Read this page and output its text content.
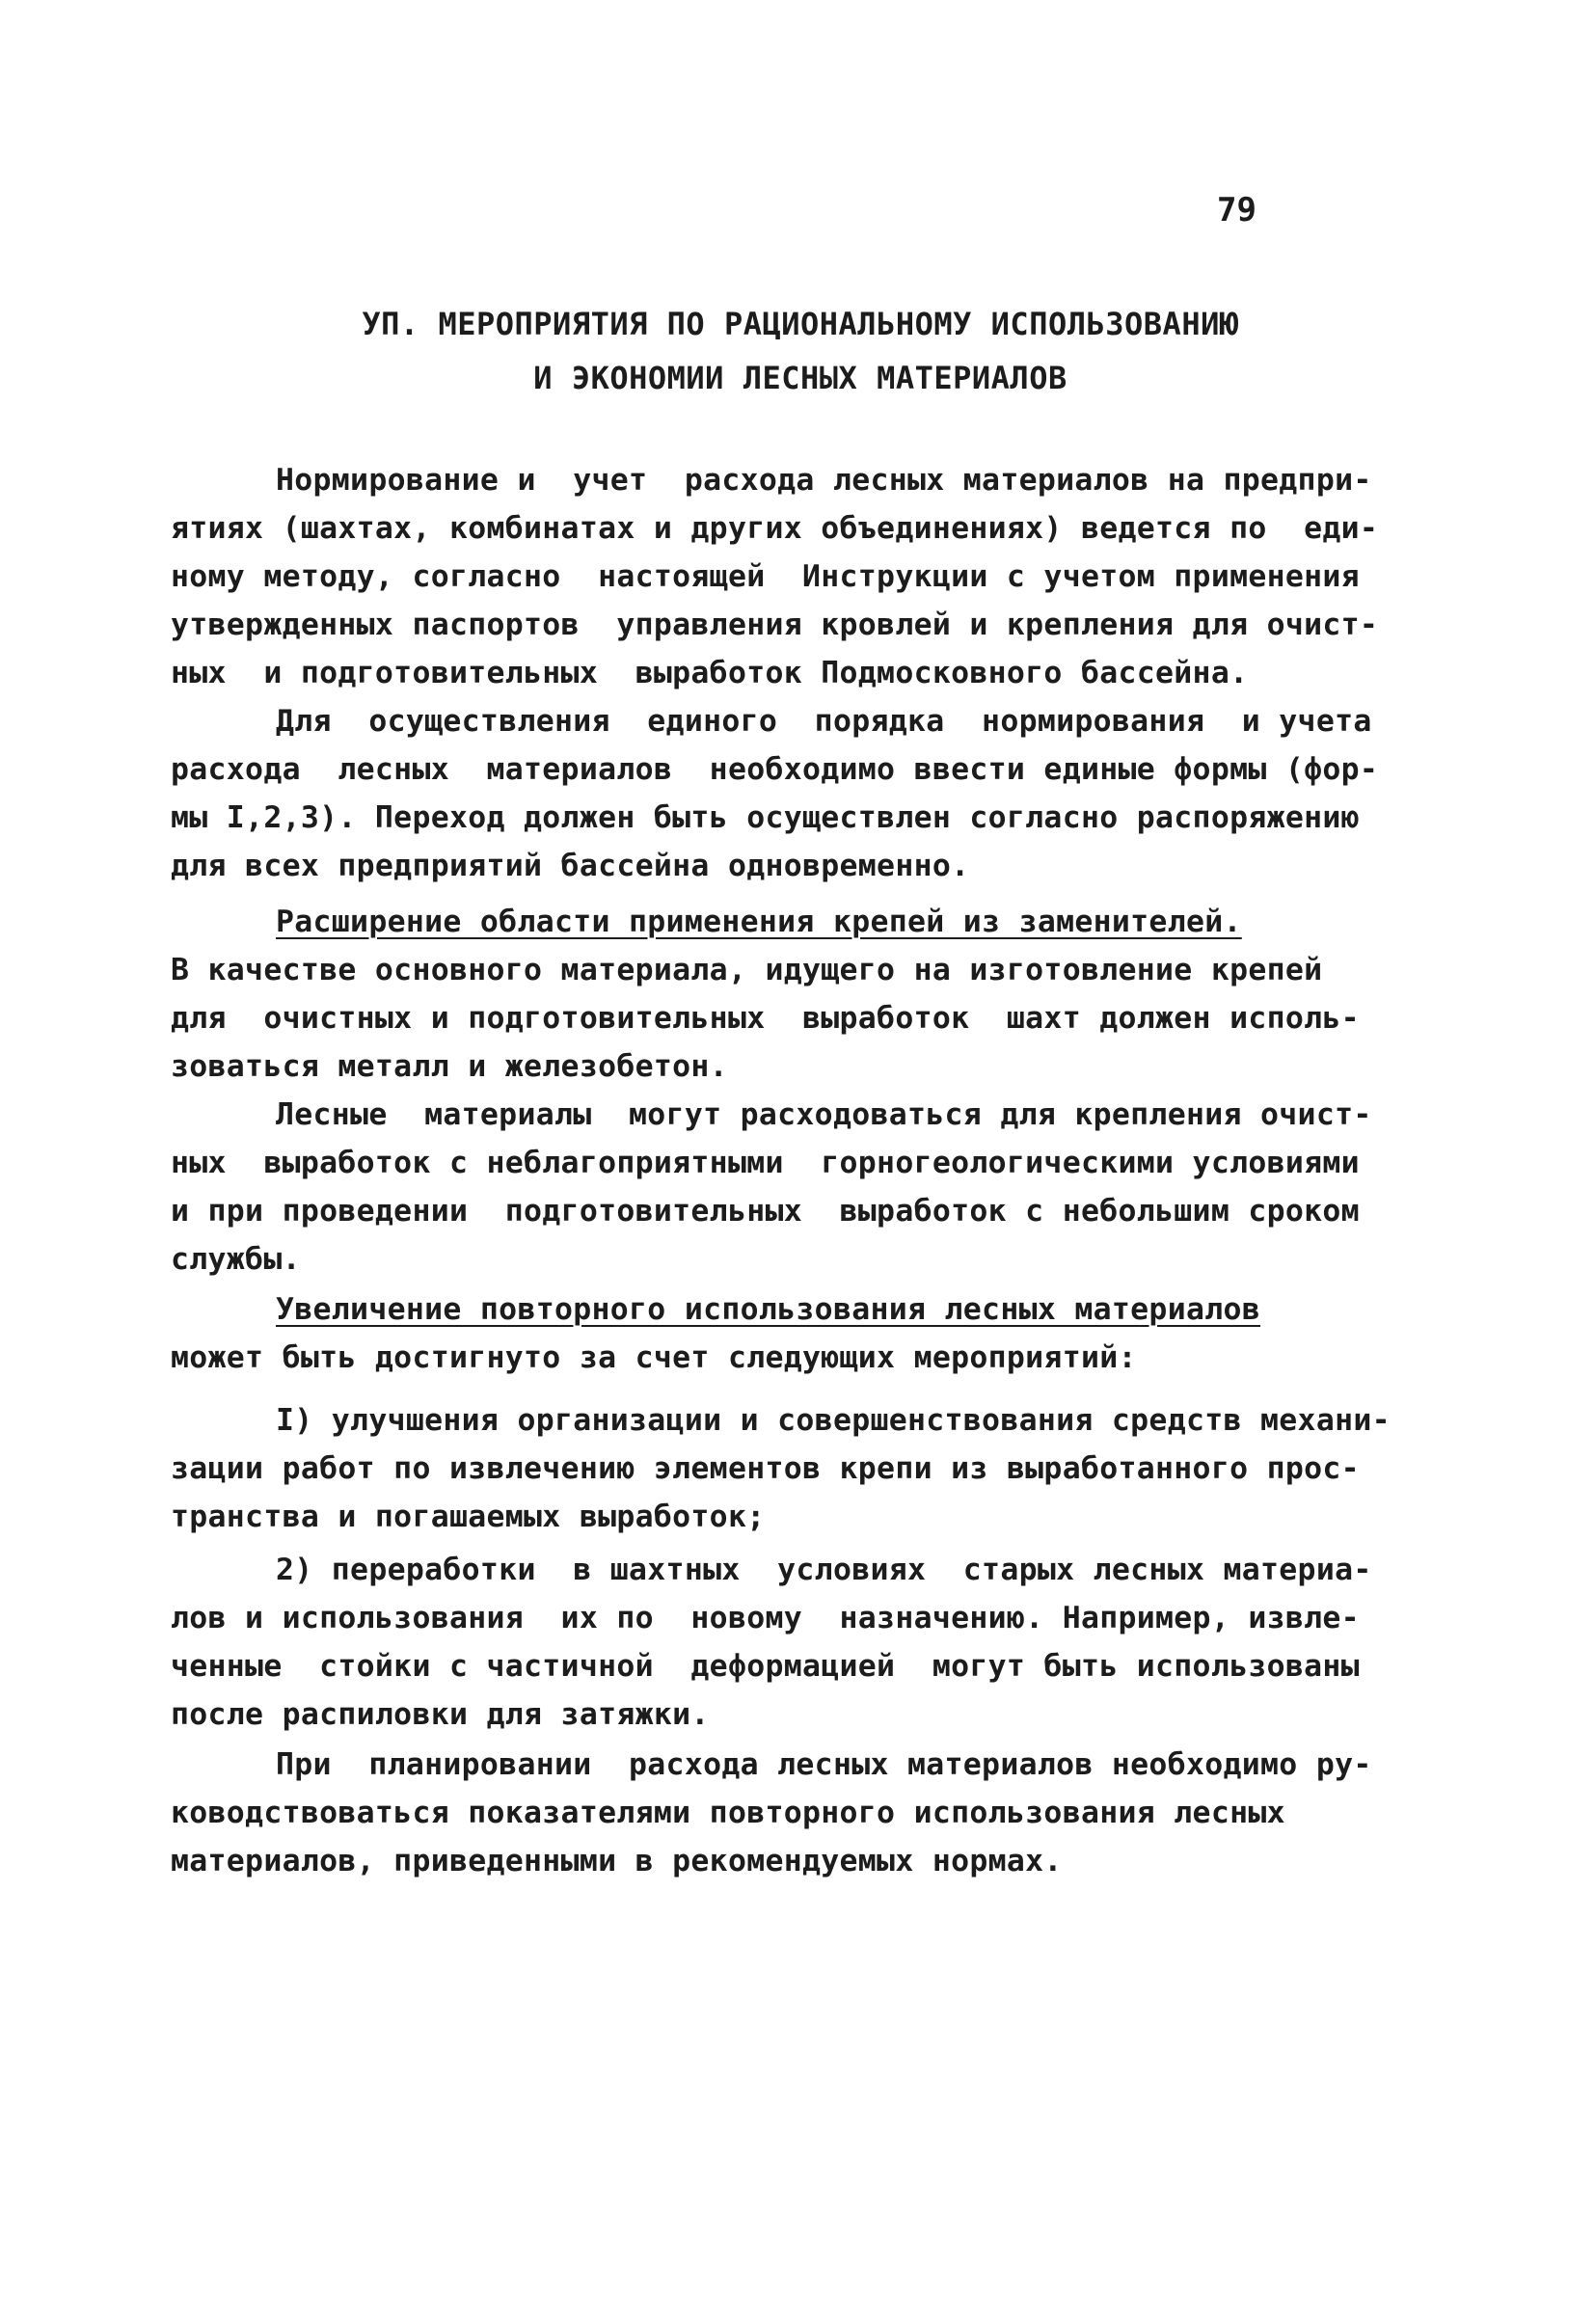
79
УП. МЕРОПРИЯТИЯ ПО РАЦИОНАЛЬНОМУ ИСПОЛЬЗОВАНИЮ
И ЭКОНОМИИ ЛЕСНЫХ МАТЕРИАЛОВ
Нормирование и  учет  расхода лесных материалов на предпри-
ятиях (шахтах, комбинатах и других объединениях) ведется по  еди-
ному методу, согласно  настоящей  Инструкции с учетом применения
утвержденных паспортов  управления кровлей и крепления для очист-
ных  и подготовительных  выработок Подмосковного бассейна.
Для  осуществления  единого  порядка  нормирования  и учета
расхода  лесных  материалов  необходимо ввести единые формы (фор-
мы I,2,3). Переход должен быть осуществлен согласно распоряжению
для всех предприятий бассейна одновременно.
Расширение области применения крепей из заменителей.
В качестве основного материала, идущего на изготовление крепей
для  очистных и подготовительных  выработок  шахт должен исполь-
зоваться металл и железобетон.
Лесные  материалы  могут расходоваться для крепления очист-
ных  выработок с неблагоприятными  горногеологическими условиями
и при проведении  подготовительных  выработок с небольшим сроком
службы.
Увеличение повторного использования лесных материалов
может быть достигнуто за счет следующих мероприятий:
I) улучшения организации и совершенствования средств механи-
зации работ по извлечению элементов крепи из выработанного прос-
транства и погашаемых выработок;
2) переработки  в шахтных  условиях  старых лесных материа-
лов и использования  их по  новому  назначению. Например, извле-
ченные  стойки с частичной  деформацией  могут быть использованы
после распиловки для затяжки.
При  планировании  расхода лесных материалов необходимо ру-
ководствоваться показателями повторного использования лесных
материалов, приведенными в рекомендуемых нормах.
